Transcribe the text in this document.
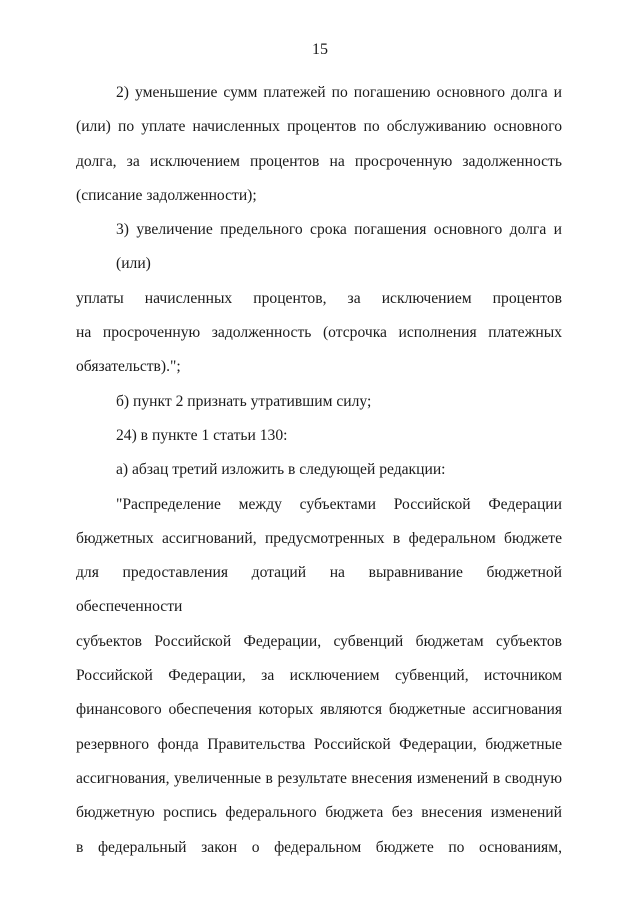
15
2) уменьшение сумм платежей по погашению основного долга и
(или) по уплате начисленных процентов по обслуживанию основного
долга, за исключением процентов на просроченную задолженность
(списание задолженности);
3) увеличение предельного срока погашения основного долга и (или)
уплаты начисленных процентов, за исключением процентов
на просроченную задолженность (отсрочка исполнения платежных
обязательств).";

б) пункт 2 признать утратившим силу;

24) в пункте 1 статьи 130:

а) абзац третий изложить в следующей редакции:

"Распределение между субъектами Российской Федерации
бюджетных ассигнований, предусмотренных в федеральном бюджете
для предоставления дотаций на выравнивание бюджетной обеспеченности
субъектов Российской Федерации, субвенций бюджетам субъектов
Российской Федерации, за исключением субвенций, источником
финансового обеспечения которых являются бюджетные ассигнования
резервного фонда Правительства Российской Федерации, бюджетные
ассигнования, увеличенные в результате внесения изменений в сводную
бюджетную роспись федерального бюджета без внесения изменений
в федеральный закон о федеральном бюджете по основаниям,
